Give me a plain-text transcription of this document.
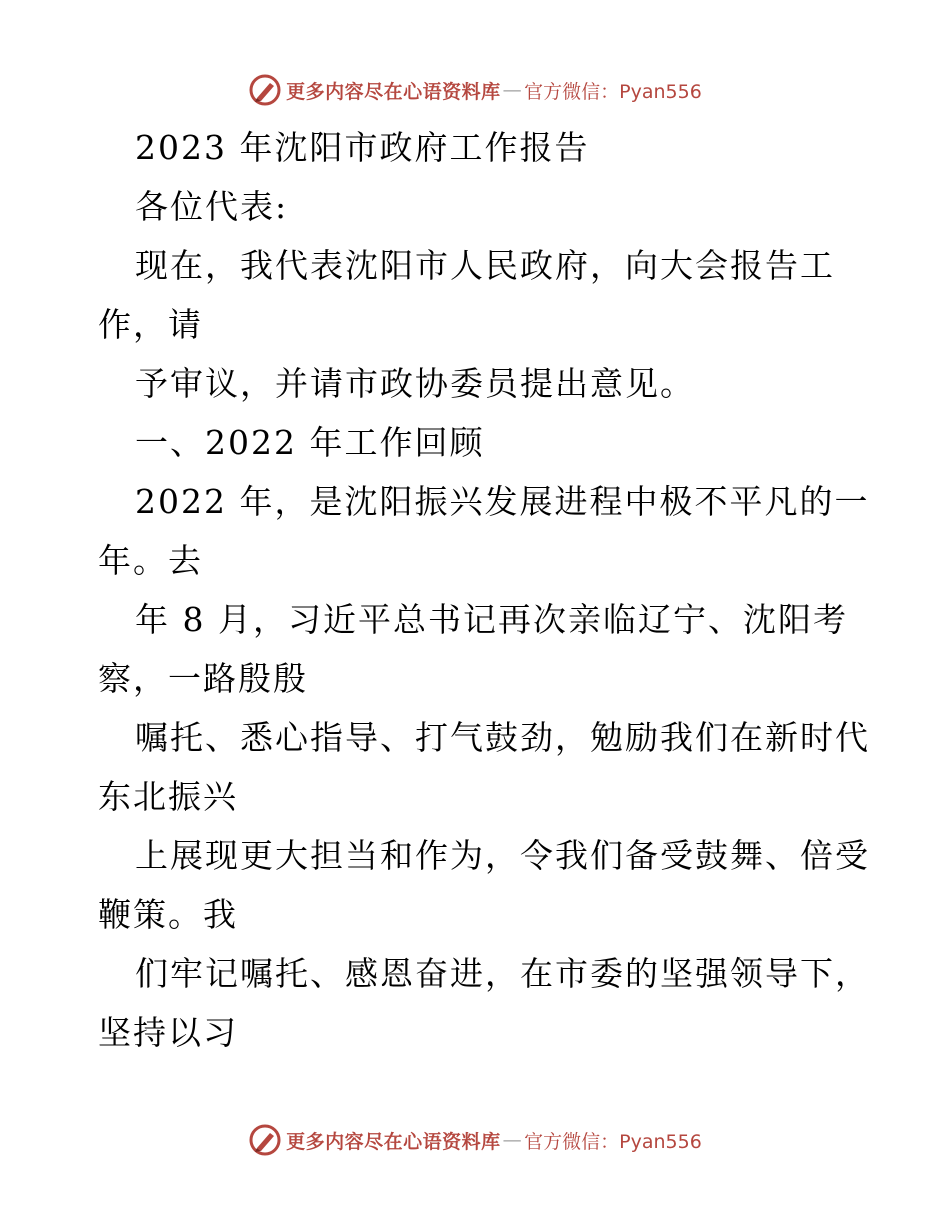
更多内容尽在心语资料库 — 官方微信：Pyan556
2023 年沈阳市政府工作报告
各位代表:
现在，我代表沈阳市人民政府，向大会报告工
作，请
予审议，并请市政协委员提出意见。
一、2022 年工作回顾
2022 年，是沈阳振兴发展进程中极不平凡的一
年。去
年 8 月，习近平总书记再次亲临辽宁、沈阳考
察，一路殷殷
嘱托、悉心指导、打气鼓劲，勉励我们在新时代
东北振兴
上展现更大担当和作为，令我们备受鼓舞、倍受
鞭策。我
们牢记嘱托、感恩奋进，在市委的坚强领导下，
坚持以习
更多内容尽在心语资料库 — 官方微信：Pyan556
